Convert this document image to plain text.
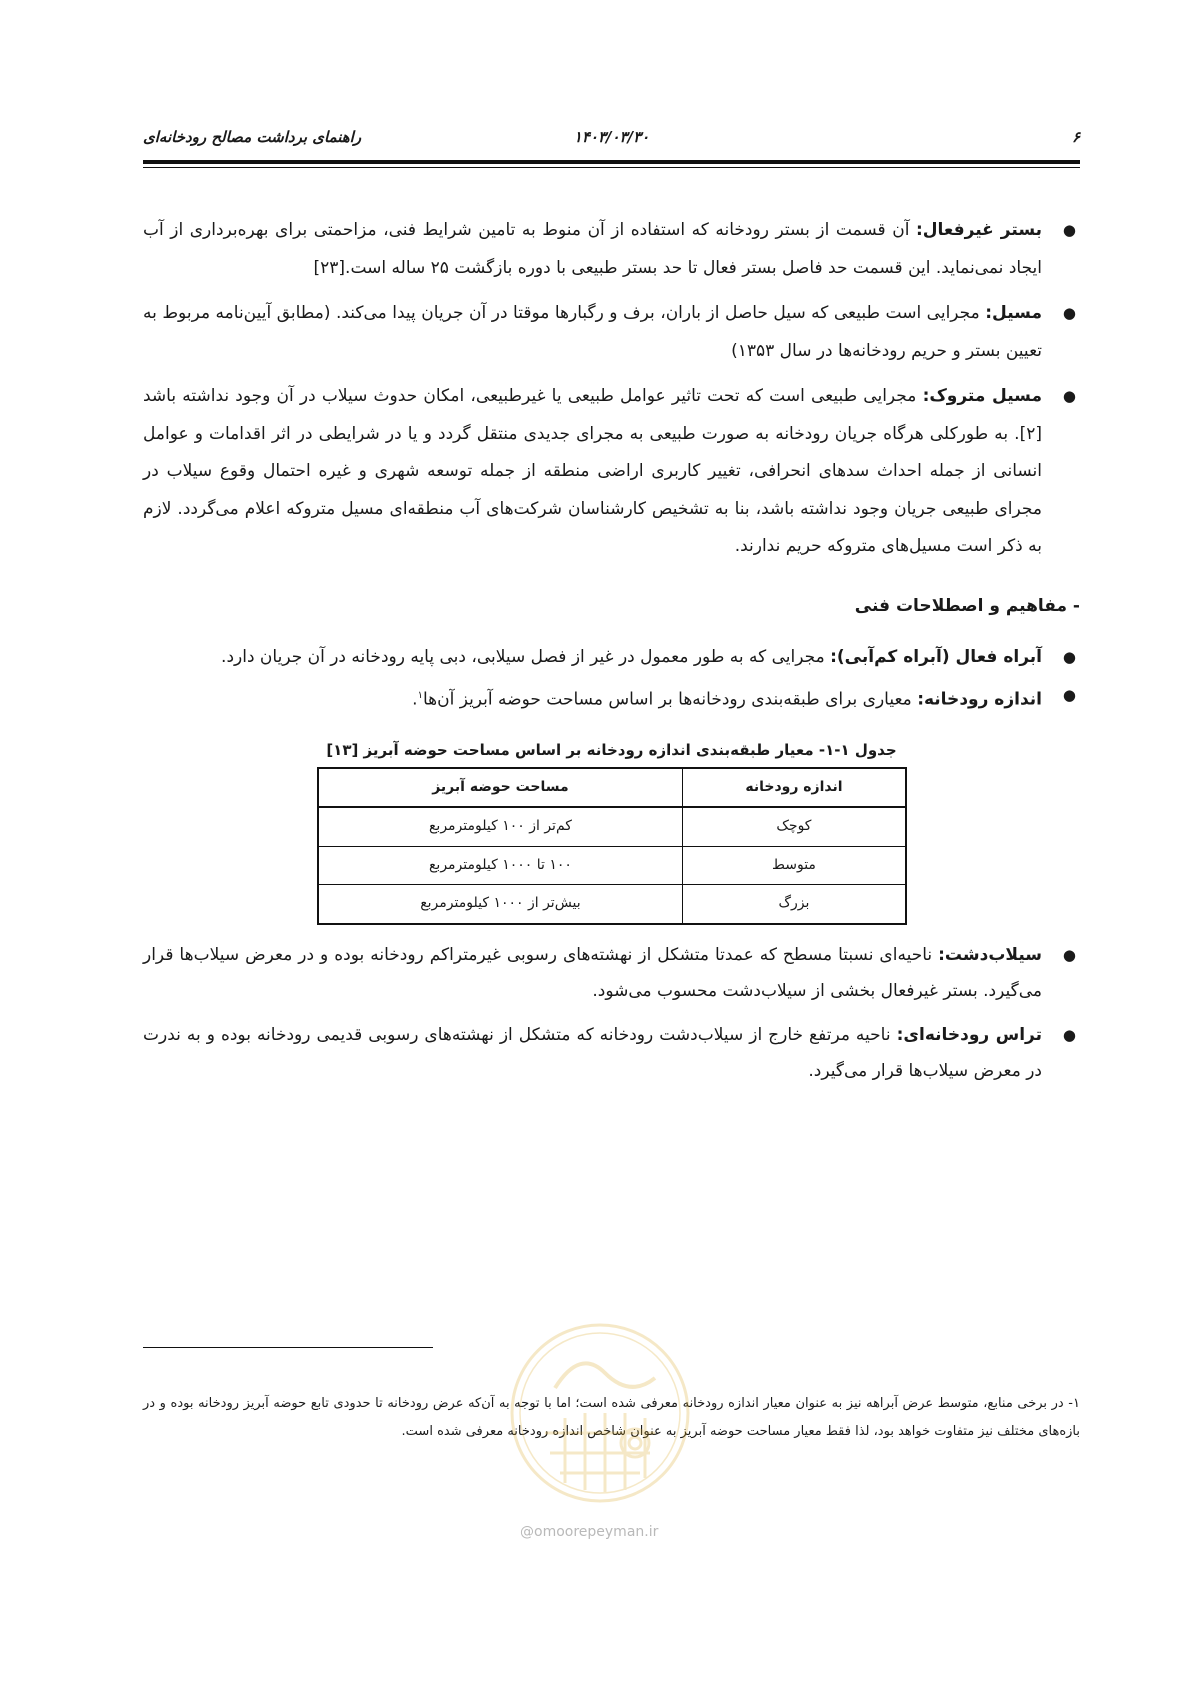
۶
۱۴۰۳/۰۳/۳۰
راهنمای برداشت مصالح رودخانه‌ای
●
بستر غیرفعال: آن قسمت از بستر رودخانه که استفاده از آن منوط به تامین شرایط فنی، مزاحمتی برای بهره‌برداری از آب ایجاد نمی‌نماید. این قسمت حد فاصل بستر فعال تا حد بستر طبیعی با دوره بازگشت ۲۵ ساله است.[۲۳]
●
مسیل: مجرایی است طبیعی که سیل حاصل از باران، برف و رگبارها موقتا در آن جریان پیدا می‌کند. (مطابق آیین‌نامه مربوط به تعیین بستر و حریم رودخانه‌ها در سال ۱۳۵۳)
●
مسیل متروک: مجرایی طبیعی است که تحت تاثیر عوامل طبیعی یا غیرطبیعی، امکان حدوث سیلاب در آن وجود نداشته باشد [۲]. به طورکلی هرگاه جریان رودخانه به صورت طبیعی به مجرای جدیدی منتقل گردد و یا در شرایطی در اثر اقدامات و عوامل انسانی از جمله احداث سدهای انحرافی، تغییر کاربری اراضی منطقه از جمله توسعه شهری و غیره احتمال وقوع سیلاب در مجرای طبیعی جریان وجود نداشته باشد، بنا به تشخیص کارشناسان شرکت‌های آب منطقه‌ای مسیل متروکه اعلام می‌گردد. لازم به ذکر است مسیل‌های متروکه حریم ندارند.
- مفاهیم و اصطلاحات فنی
●
آبراه فعال (آبراه کم‌آبی): مجرایی که به طور معمول در غیر از فصل سیلابی، دبی پایه رودخانه در آن جریان دارد.
●
اندازه رودخانه: معیاری برای طبقه‌بندی رودخانه‌ها بر اساس مساحت حوضه آبریز آن‌ها$^۱$.
جدول ۱-۱- معیار طبقه‌بندی اندازه رودخانه بر اساس مساحت حوضه آبریز [۱۳]
اندازه رودخانه	مساحت حوضه آبریز
کوچک	کم‌تر از ۱۰۰ کیلومترمربع
متوسط	۱۰۰ تا ۱۰۰۰ کیلومترمربع
بزرگ	بیش‌تر از ۱۰۰۰ کیلومترمربع
●
سیلاب‌دشت: ناحیه‌ای نسبتا مسطح که عمدتا متشکل از نهشته‌های رسوبی غیرمتراکم رودخانه بوده و در معرض سیلاب‌ها قرار می‌گیرد. بستر غیرفعال بخشی از سیلاب‌دشت محسوب می‌شود.
●
تراس رودخانه‌ای: ناحیه مرتفع خارج از سیلاب‌دشت رودخانه که متشکل از نهشته‌های رسوبی قدیمی رودخانه بوده و به ندرت در معرض سیلاب‌ها قرار می‌گیرد.
۱- در برخی منابع، متوسط عرض آبراهه نیز به عنوان معیار اندازه رودخانه معرفی شده است؛ اما با توجه به آن‌که عرض رودخانه تا حدودی تابع حوضه آبریز رودخانه بوده و در بازه‌های مختلف نیز متفاوت خواهد بود، لذا فقط معیار مساحت حوضه آبریز به عنوان شاخص اندازه رودخانه معرفی شده است.
@omoorepeyman.ir
